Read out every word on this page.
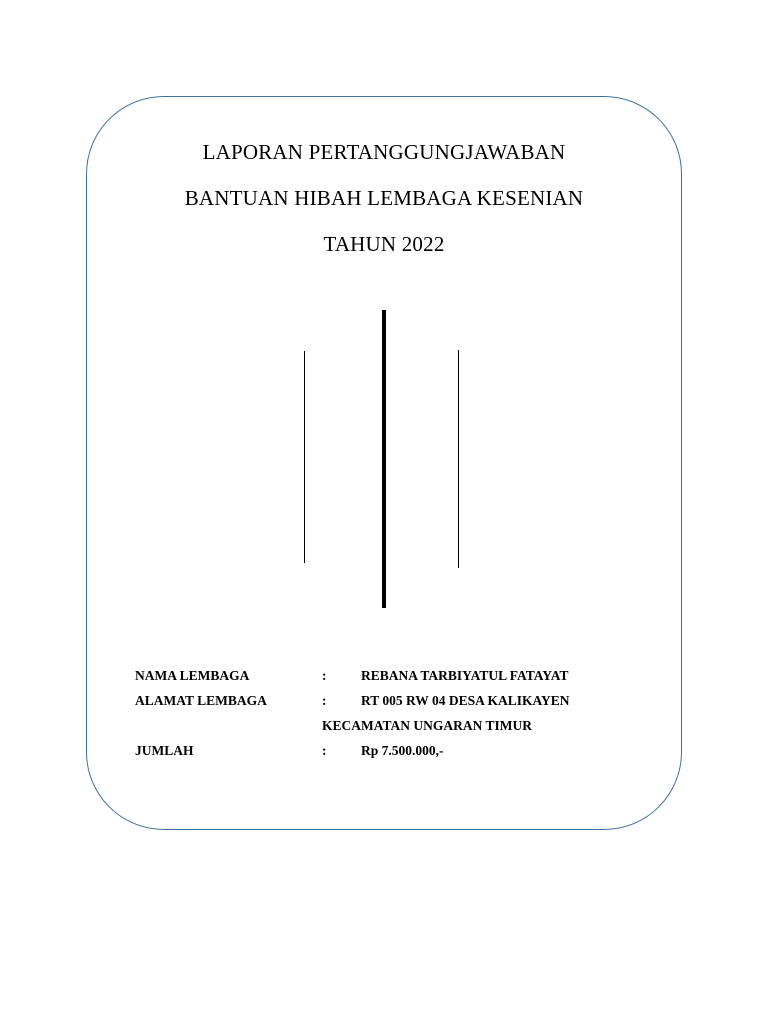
LAPORAN PERTANGGUNGJAWABAN
BANTUAN HIBAH LEMBAGA KESENIAN
TAHUN 2022
NAMA LEMBAGA	:	REBANA TARBIYATUL FATAYAT
ALAMAT LEMBAGA	:	RT 005 RW 04 DESA KALIKAYEN
KECAMATAN UNGARAN TIMUR
JUMLAH	:	Rp 7.500.000,-
